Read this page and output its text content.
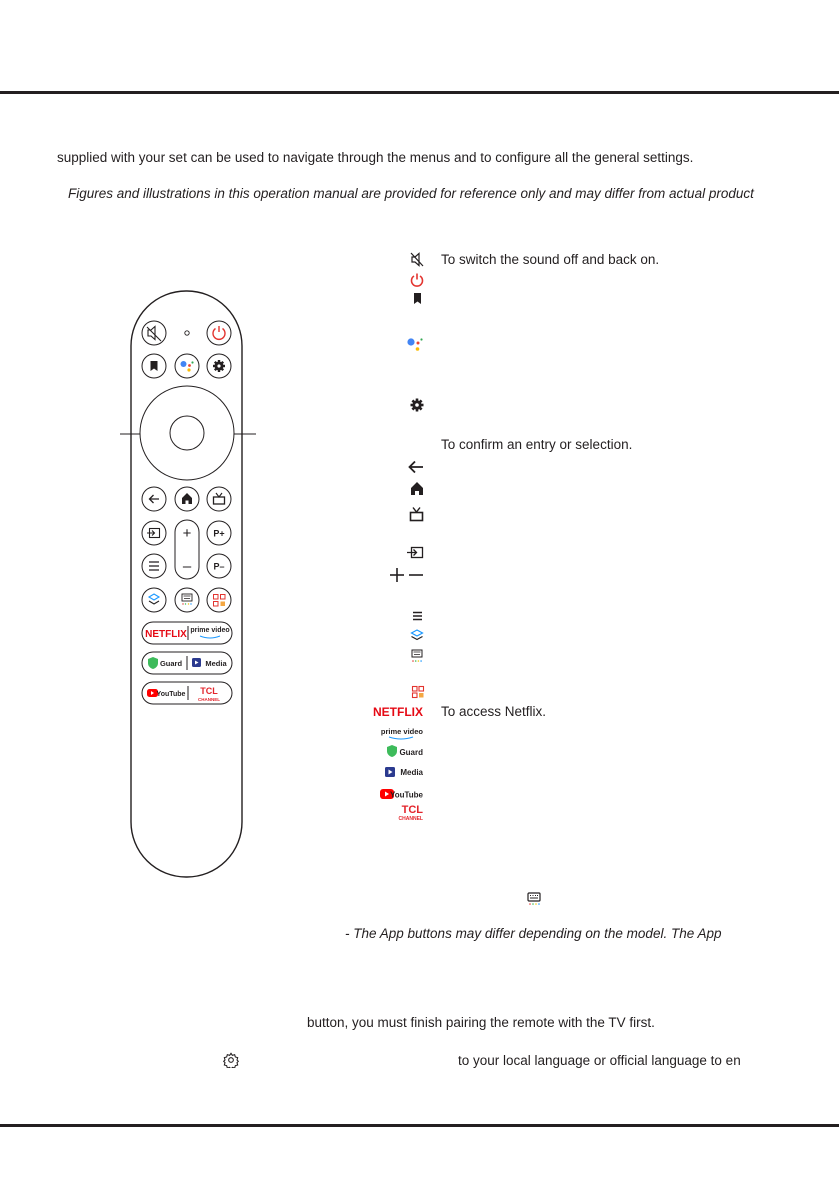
supplied with your set can be used to navigate through the menus and to configure all the general settings.
Figures and illustrations in this operation manual are provided for reference only and may differ from actual product
To switch the sound off and back on.
To confirm an entry or selection.
To access Netflix.
- The App buttons may differ depending on the model. The App
button, you must finish pairing the remote with the TV first.
to your local language or official language to en
+
–
P+
P–
NETFLIX prime video
Guard	Media
YouTube TCL
CHANNEL
NETFLIX
prime video
Guard
Media
YouTube
TCL
CHANNEL
